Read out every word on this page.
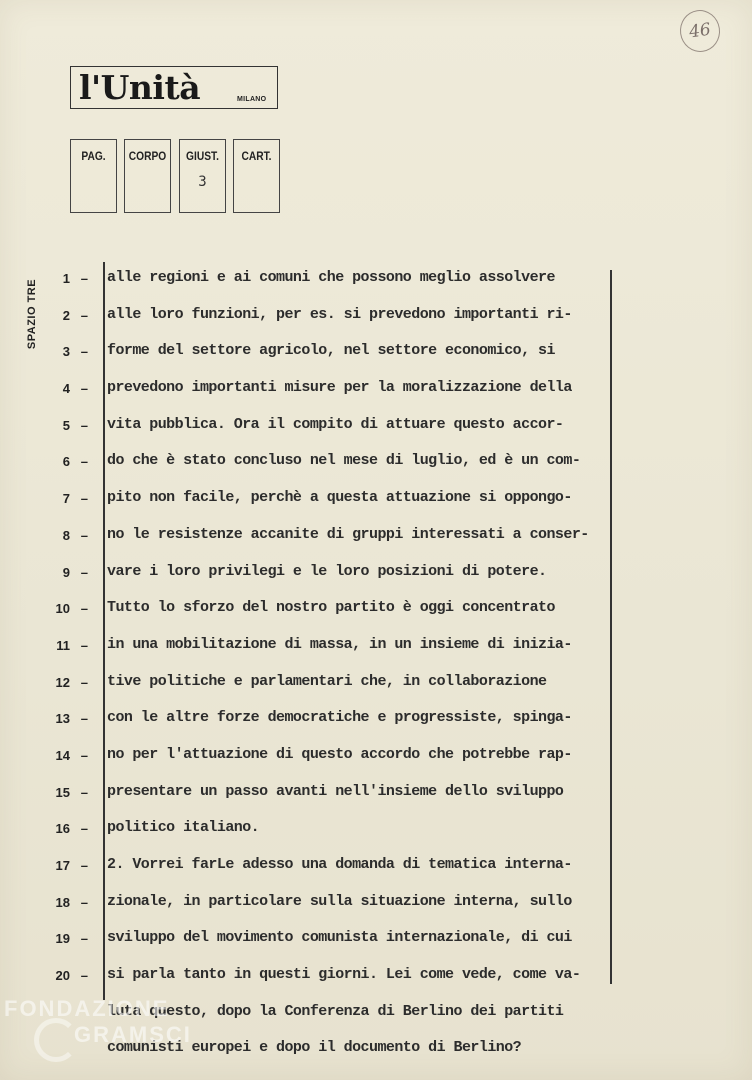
46
l'Unità	MILANO
PAG.	CORPO GIUST.
3
CART.
SPAZIO TRE
1 –
2 –
3 –
4 –
5 –
6 –
7 –
8 –
9 –
10 –
11 –
12 –
13 –
14 –
15 –
16 –
17 –
18 –
19 –
20 –
alle regioni e ai comuni che possono meglio assolvere
alle loro funzioni, per es. si prevedono importanti ri-
forme del settore agricolo, nel settore economico, si
prevedono importanti misure per la moralizzazione della
vita pubblica. Ora il compito di attuare questo accor-
do che è stato concluso nel mese di luglio, ed è un com-
pito non facile, perchè a questa attuazione si oppongo-
no le resistenze accanite di gruppi interessati a conser-
vare i loro privilegi e le loro posizioni di potere.
Tutto lo sforzo del nostro partito è oggi concentrato
in una mobilitazione di massa, in un insieme di inizia-
tive politiche e parlamentari che, in collaborazione
con le altre forze democratiche e progressiste, spinga-
no per l'attuazione di questo accordo che potrebbe rap-
presentare un passo avanti nell'insieme dello sviluppo
politico italiano.
2. Vorrei farLe adesso una domanda di tematica interna-
zionale, in particolare sulla situazione interna, sullo
sviluppo del movimento comunista internazionale, di cui
si parla tanto in questi giorni. Lei come vede, come va-
luta questo, dopo la Conferenza di Berlino dei partiti
comunisti europei e dopo il documento di Berlino?
FONDAZIONE
GRAMSCI
